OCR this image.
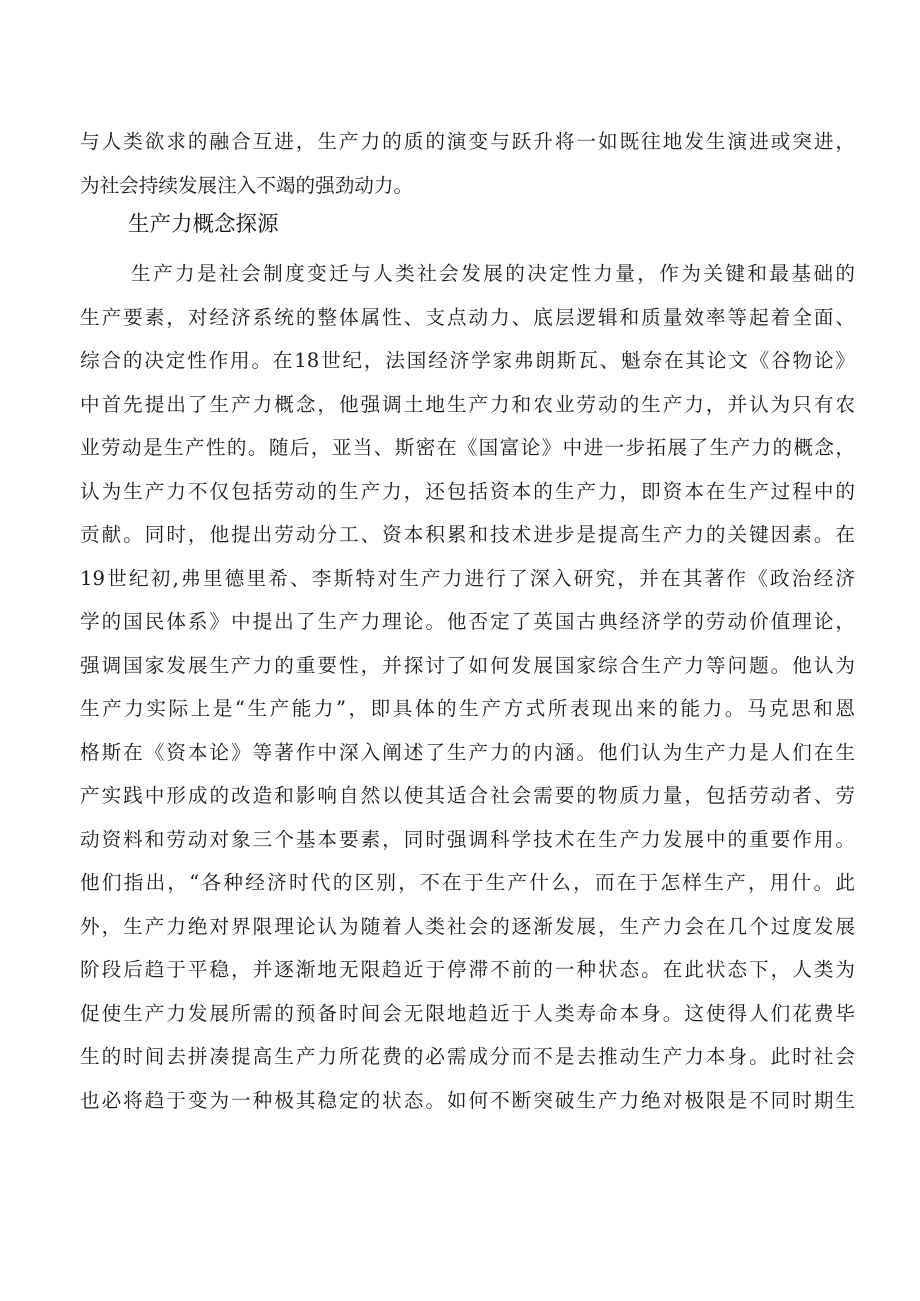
与人类欲求的融合互进，生产力的质的演变与跃升将一如既往地发生演进或突进，
为社会持续发展注入不竭的强劲动力。
生产力概念探源
生产力是社会制度变迁与人类社会发展的决定性力量，作为关键和最基础的
生产要素，对经济系统的整体属性、支点动力、底层逻辑和质量效率等起着全面、
综合的决定性作用。在18世纪，法国经济学家弗朗斯瓦、魁奈在其论文《谷物论》
中首先提出了生产力概念，他强调土地生产力和农业劳动的生产力，并认为只有农
业劳动是生产性的。随后，亚当、斯密在《国富论》中进一步拓展了生产力的概念，
认为生产力不仅包括劳动的生产力，还包括资本的生产力，即资本在生产过程中的
贡献。同时，他提出劳动分工、资本积累和技术进步是提高生产力的关键因素。在
19世纪初,弗里德里希、李斯特对生产力进行了深入研究，并在其著作《政治经济
学的国民体系》中提出了生产力理论。他否定了英国古典经济学的劳动价值理论，
强调国家发展生产力的重要性，并探讨了如何发展国家综合生产力等问题。他认为
生产力实际上是“生产能力”，即具体的生产方式所表现出来的能力。马克思和恩
格斯在《资本论》等著作中深入阐述了生产力的内涵。他们认为生产力是人们在生
产实践中形成的改造和影响自然以使其适合社会需要的物质力量，包括劳动者、劳
动资料和劳动对象三个基本要素，同时强调科学技术在生产力发展中的重要作用。
他们指出，“各种经济时代的区别，不在于生产什么，而在于怎样生产，用什。此
外，生产力绝对界限理论认为随着人类社会的逐渐发展，生产力会在几个过度发展
阶段后趋于平稳，并逐渐地无限趋近于停滞不前的一种状态。在此状态下，人类为
促使生产力发展所需的预备时间会无限地趋近于人类寿命本身。这使得人们花费毕
生的时间去拼凑提高生产力所花费的必需成分而不是去推动生产力本身。此时社会
也必将趋于变为一种极其稳定的状态。如何不断突破生产力绝对极限是不同时期生
